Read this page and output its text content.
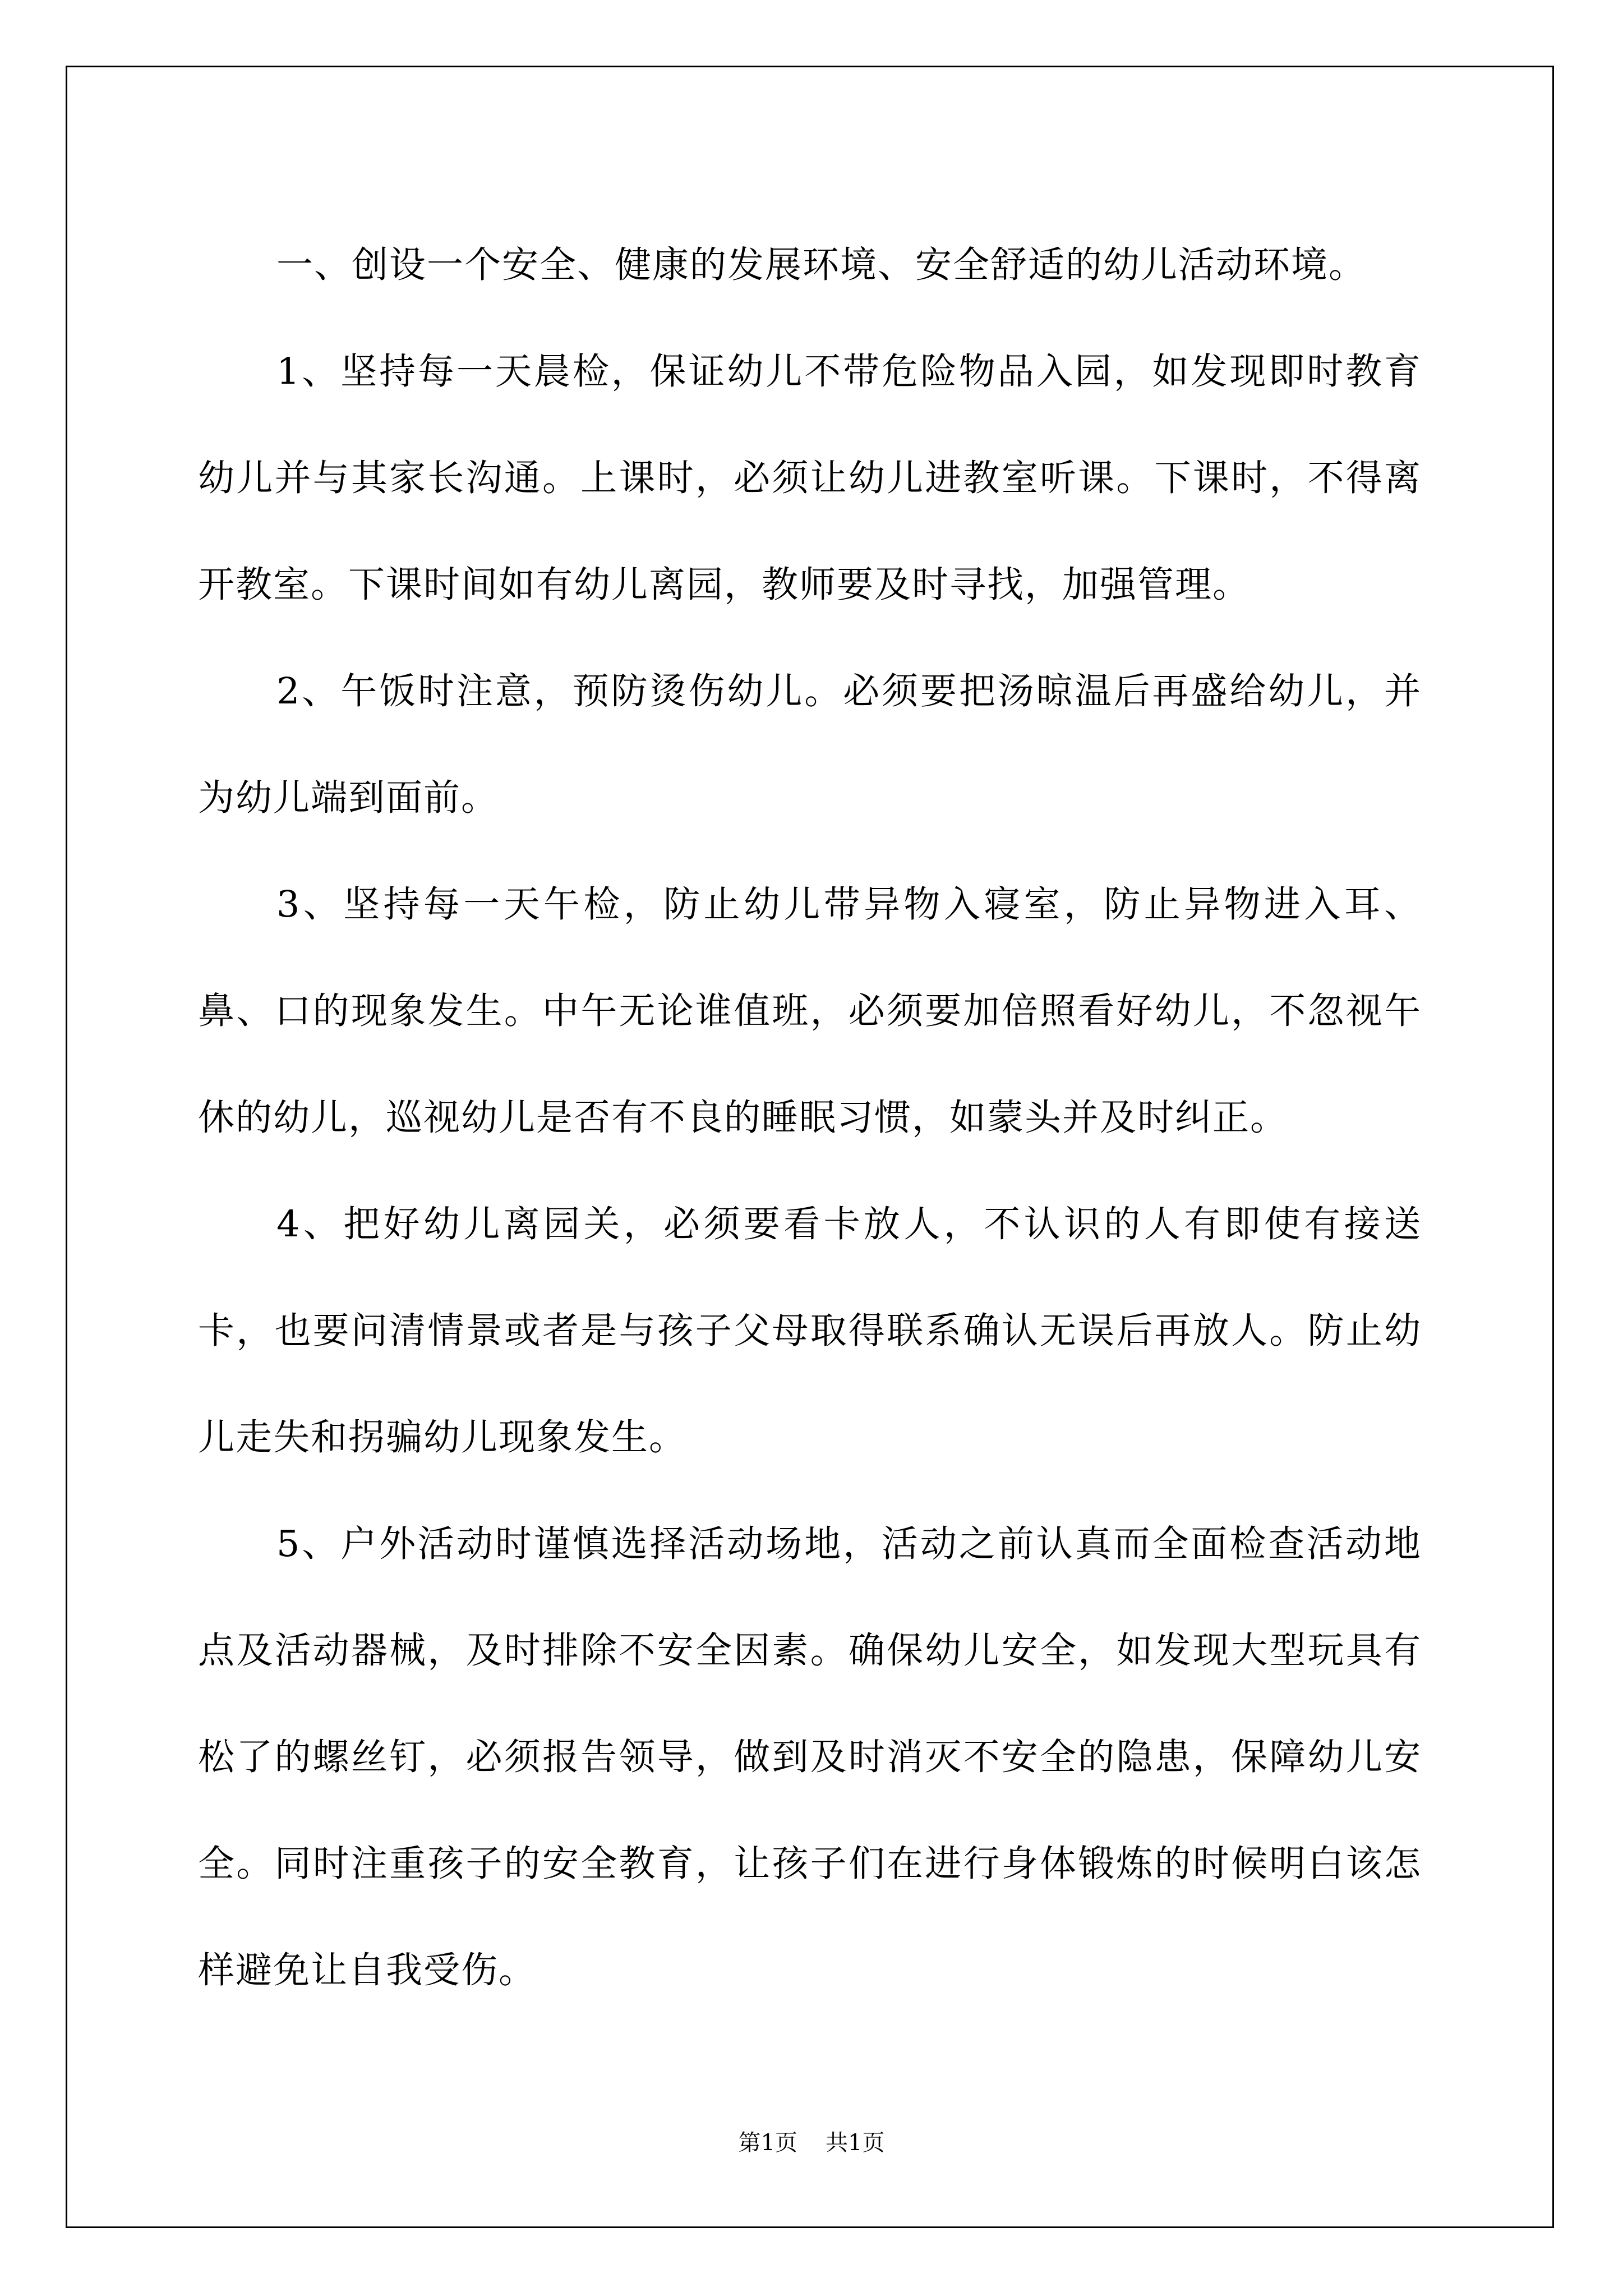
一、创设一个安全、健康的发展环境、安全舒适的幼儿活动环境。

1、坚持每一天晨检，保证幼儿不带危险物品入园，如发现即时教育幼儿并与其家长沟通。上课时，必须让幼儿进教室听课。下课时，不得离开教室。下课时间如有幼儿离园，教师要及时寻找，加强管理。

2、午饭时注意，预防烫伤幼儿。必须要把汤晾温后再盛给幼儿，并为幼儿端到面前。

3、坚持每一天午检，防止幼儿带异物入寝室，防止异物进入耳、鼻、口的现象发生。中午无论谁值班，必须要加倍照看好幼儿，不忽视午休的幼儿，巡视幼儿是否有不良的睡眠习惯，如蒙头并及时纠正。

4、把好幼儿离园关，必须要看卡放人，不认识的人有即使有接送卡，也要问清情景或者是与孩子父母取得联系确认无误后再放人。防止幼儿走失和拐骗幼儿现象发生。

5、户外活动时谨慎选择活动场地，活动之前认真而全面检查活动地点及活动器械，及时排除不安全因素。确保幼儿安全，如发现大型玩具有松了的螺丝钉，必须报告领导，做到及时消灭不安全的隐患，保障幼儿安全。同时注重孩子的安全教育，让孩子们在进行身体锻炼的时候明白该怎样避免让自我受伤。

第1页 共1页
